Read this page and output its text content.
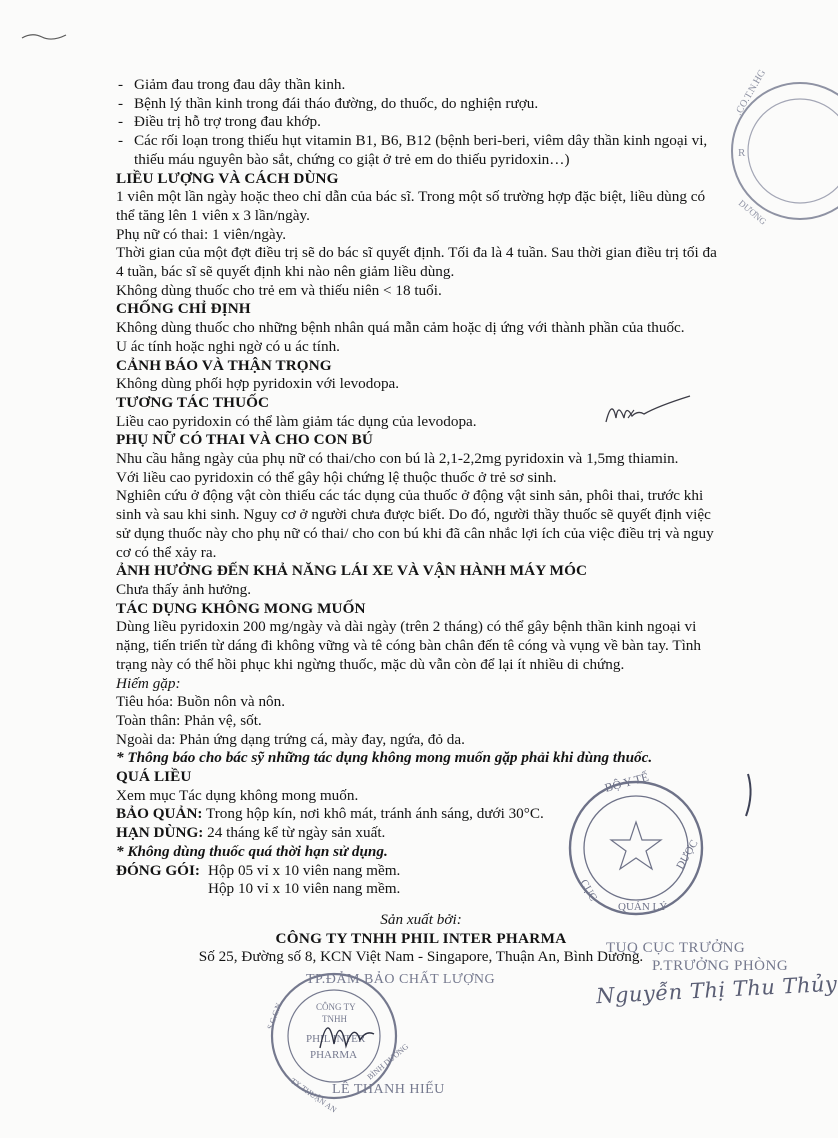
- Giảm đau trong đau dây thần kinh.
- Bệnh lý thần kinh trong đái tháo đường, do thuốc, do nghiện rượu.
- Điều trị hỗ trợ trong đau khớp.
- Các rối loạn trong thiếu hụt vitamin B1, B6, B12 (bệnh beri-beri, viêm dây thần kinh ngoại vi, thiếu máu nguyên bào sắt, chứng co giật ở trẻ em do thiếu pyridoxin…)

LIỀU LƯỢNG VÀ CÁCH DÙNG

1 viên một lần ngày hoặc theo chỉ dẫn của bác sĩ. Trong một số trường hợp đặc biệt, liều dùng có thể tăng lên 1 viên x 3 lần/ngày.

Phụ nữ có thai: 1 viên/ngày.

Thời gian của một đợt điều trị sẽ do bác sĩ quyết định. Tối đa là 4 tuần. Sau thời gian điều trị tối đa 4 tuần, bác sĩ sẽ quyết định khi nào nên giảm liều dùng.

Không dùng thuốc cho trẻ em và thiếu niên < 18 tuổi.

CHỐNG CHỈ ĐỊNH

Không dùng thuốc cho những bệnh nhân quá mẫn cảm hoặc dị ứng với thành phần của thuốc.

U ác tính hoặc nghi ngờ có u ác tính.

CẢNH BÁO VÀ THẬN TRỌNG

Không dùng phối hợp pyridoxin với levodopa.

TƯƠNG TÁC THUỐC

Liều cao pyridoxin có thể làm giảm tác dụng của levodopa.

PHỤ NỮ CÓ THAI VÀ CHO CON BÚ

Nhu cầu hằng ngày của phụ nữ có thai/cho con bú là 2,1-2,2mg pyridoxin và 1,5mg thiamin.

Với liều cao pyridoxin có thể gây hội chứng lệ thuộc thuốc ở trẻ sơ sinh.

Nghiên cứu ở động vật còn thiếu các tác dụng của thuốc ở động vật sinh sản, phôi thai, trước khi sinh và sau khi sinh. Nguy cơ ở người chưa được biết. Do đó, người thầy thuốc sẽ quyết định việc sử dụng thuốc này cho phụ nữ có thai/ cho con bú khi đã cân nhắc lợi ích của việc điều trị và nguy cơ có thể xảy ra.

ẢNH HƯỞNG ĐẾN KHẢ NĂNG LÁI XE VÀ VẬN HÀNH MÁY MÓC

Chưa thấy ảnh hưởng.

TÁC DỤNG KHÔNG MONG MUỐN

Dùng liều pyridoxin 200 mg/ngày và dài ngày (trên 2 tháng) có thể gây bệnh thần kinh ngoại vi nặng, tiến triển từ dáng đi không vững và tê cóng bàn chân đến tê cóng và vụng về bàn tay. Tình trạng này có thể hồi phục khi ngừng thuốc, mặc dù vẫn còn để lại ít nhiều di chứng.

Hiếm gặp:

Tiêu hóa: Buồn nôn và nôn.

Toàn thân: Phản vệ, sốt.

Ngoài da: Phản ứng dạng trứng cá, mày đay, ngứa, đỏ da.

* Thông báo cho bác sỹ những tác dụng không mong muốn gặp phải khi dùng thuốc.

QUÁ LIỀU

Xem mục Tác dụng không mong muốn.

BẢO QUẢN: Trong hộp kín, nơi khô mát, tránh ánh sáng, dưới 30°C.

HẠN DÙNG: 24 tháng kể từ ngày sản xuất.

* Không dùng thuốc quá thời hạn sử dụng.

ĐÓNG GÓI: Hộp 05 vỉ x 10 viên nang mềm.

Hộp 10 vỉ x 10 viên nang mềm.

Sản xuất bởi:

CÔNG TY TNHH PHIL INTER PHARMA

Số 25, Đường số 8, KCN Việt Nam - Singapore, Thuận An, Bình Dương.

.CO.T.N.HG
DƯƠNG
R
BỘ Y TẾ
CỤC
QUẢN LÝ
DƯỢC
CÔNG TY
TNHH
PHIL INTER
PHARMA
S.G.C.N.
TX.THUẬN AN
BÌNH DƯƠNG
TUQ CỤC TRƯỞNG
P.TRƯỞNG PHÒNG
Nguyễn Thị Thu Thủy
TP.ĐẢM BẢO CHẤT LƯỢNG
LÊ THANH HIẾU
